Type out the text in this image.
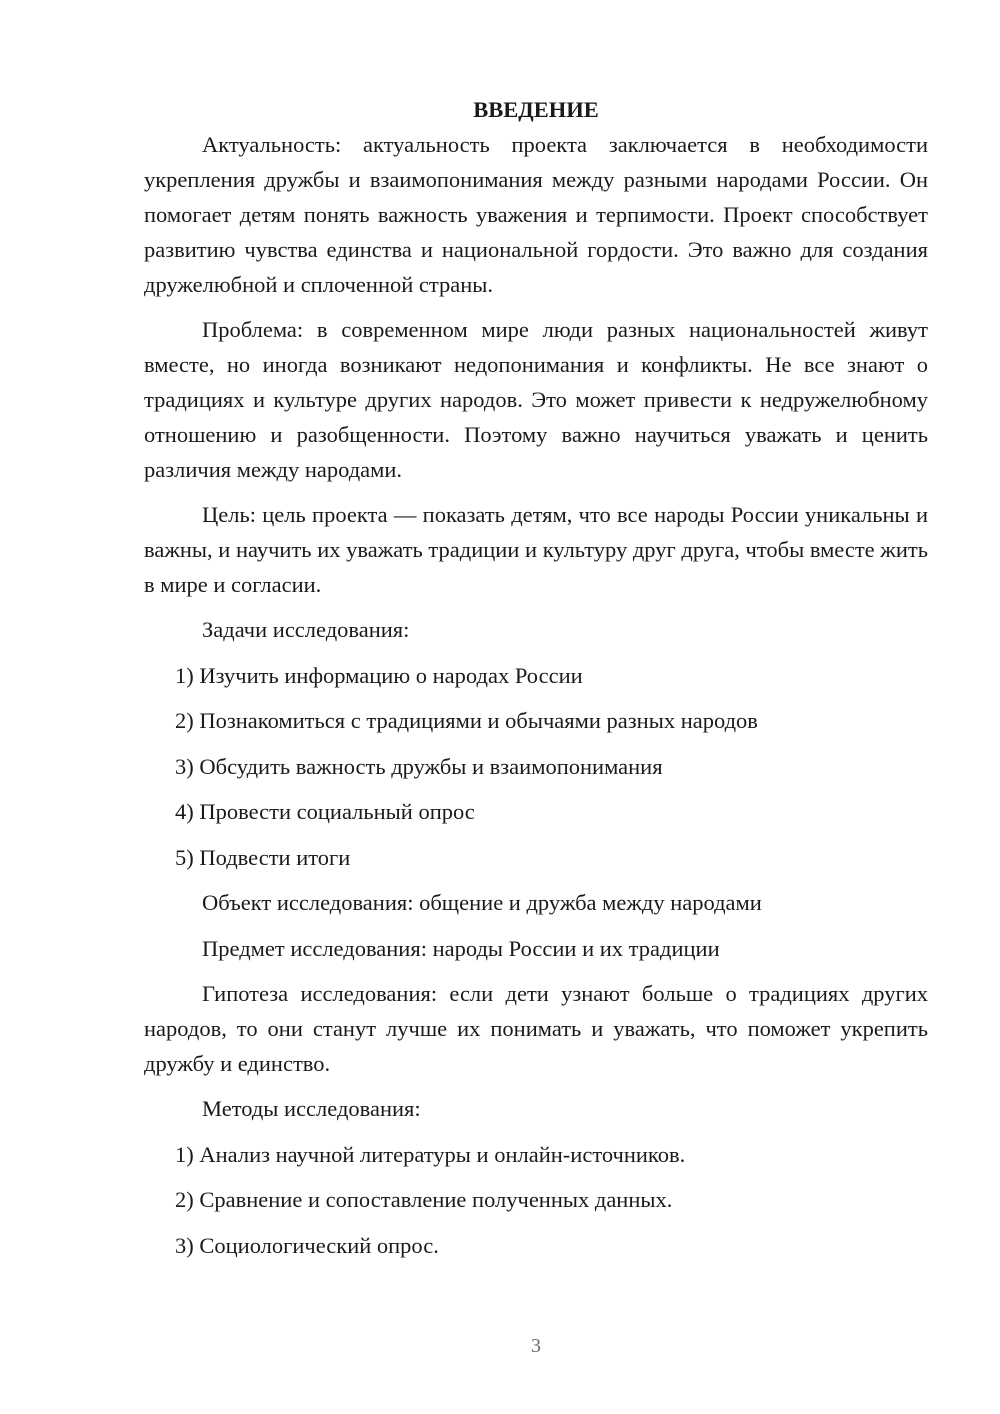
ВВЕДЕНИЕ

Актуальность: актуальность проекта заключается в необходимости укрепления дружбы и взаимопонимания между разными народами России. Он помогает детям понять важность уважения и терпимости. Проект способствует развитию чувства единства и национальной гордости. Это важно для создания дружелюбной и сплоченной страны.

Проблема: в современном мире люди разных национальностей живут вместе, но иногда возникают недопонимания и конфликты. Не все знают о традициях и культуре других народов. Это может привести к недружелюбному отношению и разобщенности. Поэтому важно научиться уважать и ценить различия между народами.

Цель: цель проекта — показать детям, что все народы России уникальны и важны, и научить их уважать традиции и культуру друг друга, чтобы вместе жить в мире и согласии.

Задачи исследования:

1) Изучить информацию о народах России

2) Познакомиться с традициями и обычаями разных народов

3) Обсудить важность дружбы и взаимопонимания

4) Провести социальный опрос

5) Подвести итоги

Объект исследования: общение и дружба между народами

Предмет исследования: народы России и их традиции

Гипотеза исследования: если дети узнают больше о традициях других народов, то они станут лучше их понимать и уважать, что поможет укрепить дружбу и единство.

Методы исследования:

1) Анализ научной литературы и онлайн-источников.

2) Сравнение и сопоставление полученных данных.

3) Социологический опрос.

3
